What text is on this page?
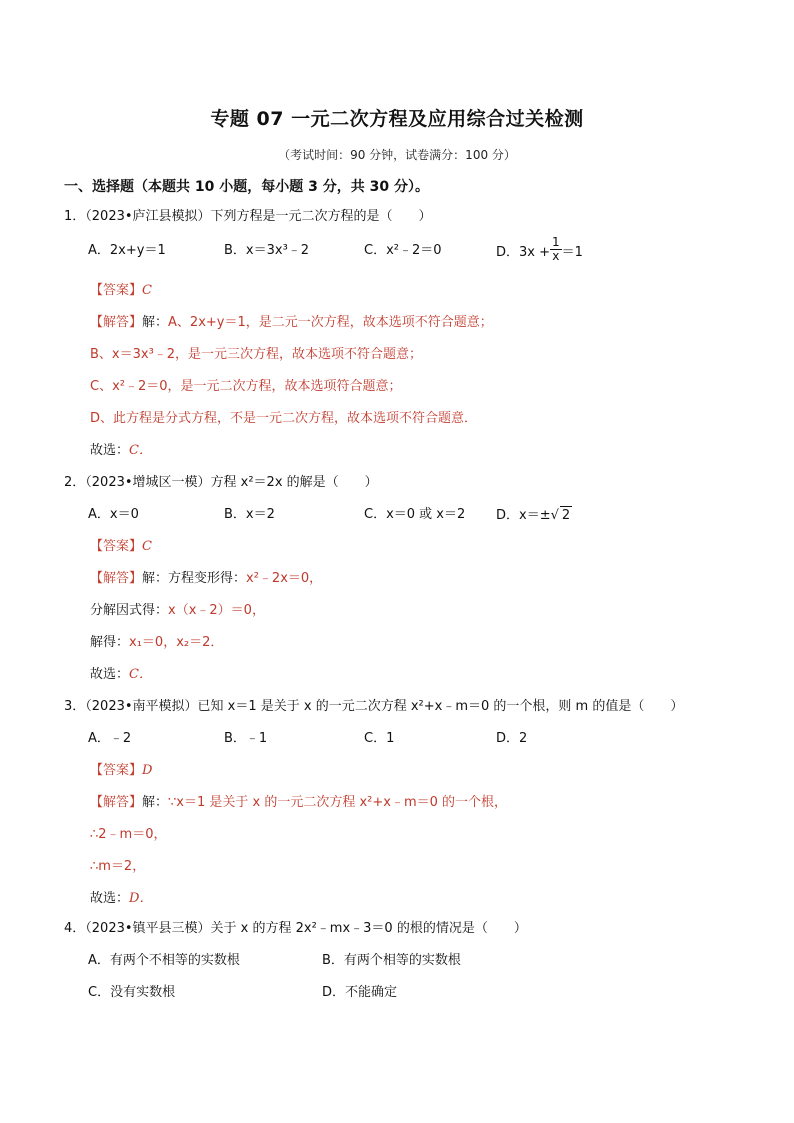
专题 07 一元二次方程及应用综合过关检测
（考试时间：90 分钟，试卷满分：100 分）
一、选择题（本题共 10 小题，每小题 3 分，共 30 分）。
1．（2023•庐江县模拟）下列方程是一元二次方程的是（　　）
A．2x+y＝1	B．x＝3x³﹣2	C．x²﹣2＝0	D．$3x + \frac{1}{x} =1$
【答案】C
【解答】解：A、2x+y＝1，是二元一次方程，故本选项不符合题意；
B、x＝3x³﹣2，是一元三次方程，故本选项不符合题意；
C、x²﹣2＝0，是一元二次方程，故本选项符合题意；
D、此方程是分式方程，不是一元二次方程，故本选项不符合题意．
故选：C．
2．（2023•增城区一模）方程 x²＝2x 的解是（　　）
A．x＝0	B．x＝2	C．x＝0 或 x＝2 D．x＝±√ 2
【答案】C
【解答】解：方程变形得：x²﹣2x＝0，
分解因式得：x（x﹣2）＝0，
解得：x₁＝0，x₂＝2．
故选：C．
3．（2023•南平模拟）已知 x＝1 是关于 x 的一元二次方程 x²+x﹣m＝0 的一个根，则 m 的值是（　　）
A．﹣2	B．﹣1	C．1	D．2
【答案】D
【解答】解：∵x＝1 是关于 x 的一元二次方程 x²+x﹣m＝0 的一个根，
∴2﹣m＝0，
∴m＝2，
故选：D．
4．（2023•镇平县三模）关于 x 的方程 2x²﹣mx﹣3＝0 的根的情况是（　　）
A．有两个不相等的实数根	B．有两个相等的实数根
C．没有实数根	D．不能确定
